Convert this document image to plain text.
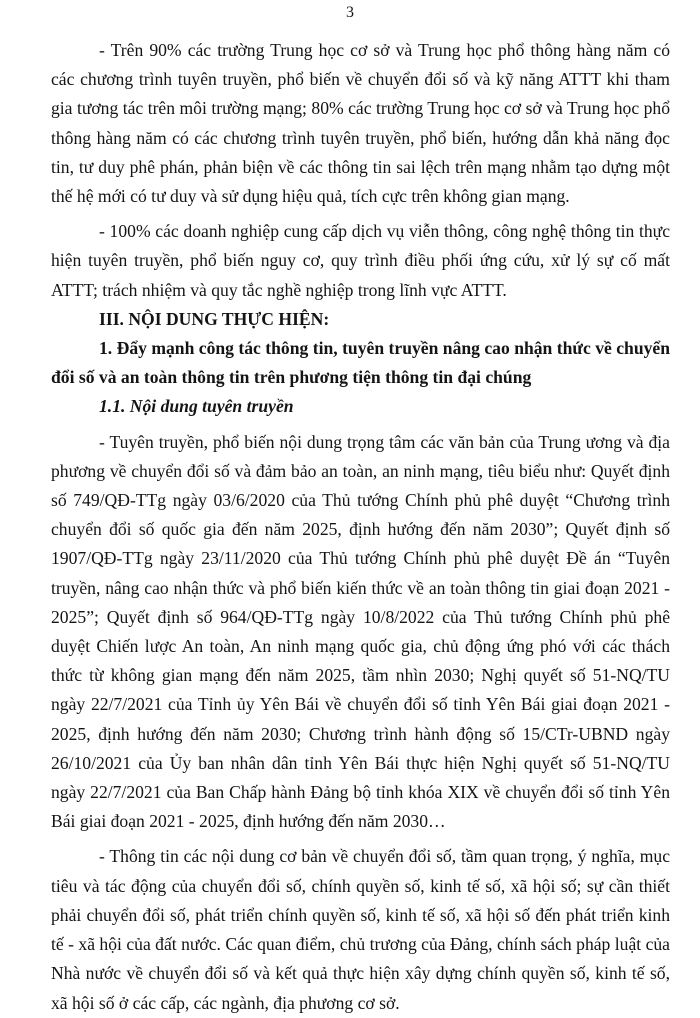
3

- Trên 90% các trường Trung học cơ sở và Trung học phổ thông hàng năm có các chương trình tuyên truyền, phổ biến về chuyển đổi số và kỹ năng ATTT khi tham gia tương tác trên môi trường mạng; 80% các trường Trung học cơ sở và Trung học phổ thông hàng năm có các chương trình tuyên truyền, phổ biến, hướng dẫn khả năng đọc tin, tư duy phê phán, phản biện về các thông tin sai lệch trên mạng nhằm tạo dựng một thế hệ mới có tư duy và sử dụng hiệu quả, tích cực trên không gian mạng.

- 100% các doanh nghiệp cung cấp dịch vụ viễn thông, công nghệ thông tin thực hiện tuyên truyền, phổ biến nguy cơ, quy trình điều phối ứng cứu, xử lý sự cố mất ATTT; trách nhiệm và quy tắc nghề nghiệp trong lĩnh vực ATTT.

III. NỘI DUNG THỰC HIỆN:

1. Đẩy mạnh công tác thông tin, tuyên truyền nâng cao nhận thức về chuyển đổi số và an toàn thông tin trên phương tiện thông tin đại chúng

1.1. Nội dung tuyên truyền

- Tuyên truyền, phổ biến nội dung trọng tâm các văn bản của Trung ương và địa phương về chuyển đổi số và đảm bảo an toàn, an ninh mạng, tiêu biểu như: Quyết định số 749/QĐ-TTg ngày 03/6/2020 của Thủ tướng Chính phủ phê duyệt “Chương trình chuyển đổi số quốc gia đến năm 2025, định hướng đến năm 2030”; Quyết định số 1907/QĐ-TTg ngày 23/11/2020 của Thủ tướng Chính phủ phê duyệt Đề án “Tuyên truyền, nâng cao nhận thức và phổ biến kiến thức về an toàn thông tin giai đoạn 2021 - 2025”; Quyết định số 964/QĐ-TTg ngày 10/8/2022 của Thủ tướng Chính phủ phê duyệt Chiến lược An toàn, An ninh mạng quốc gia, chủ động ứng phó với các thách thức từ không gian mạng đến năm 2025, tầm nhìn 2030; Nghị quyết số 51-NQ/TU ngày 22/7/2021 của Tỉnh ủy Yên Bái về chuyển đổi số tỉnh Yên Bái giai đoạn 2021 - 2025, định hướng đến năm 2030; Chương trình hành động số 15/CTr-UBND ngày 26/10/2021 của Ủy ban nhân dân tỉnh Yên Bái thực hiện Nghị quyết số 51-NQ/TU ngày 22/7/2021 của Ban Chấp hành Đảng bộ tỉnh khóa XIX về chuyển đổi số tỉnh Yên Bái giai đoạn 2021 - 2025, định hướng đến năm 2030…

- Thông tin các nội dung cơ bản về chuyển đổi số, tầm quan trọng, ý nghĩa, mục tiêu và tác động của chuyển đổi số, chính quyền số, kinh tế số, xã hội số; sự cần thiết phải chuyển đổi số, phát triển chính quyền số, kinh tế số, xã hội số đến phát triển kinh tế - xã hội của đất nước. Các quan điểm, chủ trương của Đảng, chính sách pháp luật của Nhà nước về chuyển đổi số và kết quả thực hiện xây dựng chính quyền số, kinh tế số, xã hội số ở các cấp, các ngành, địa phương cơ sở.
